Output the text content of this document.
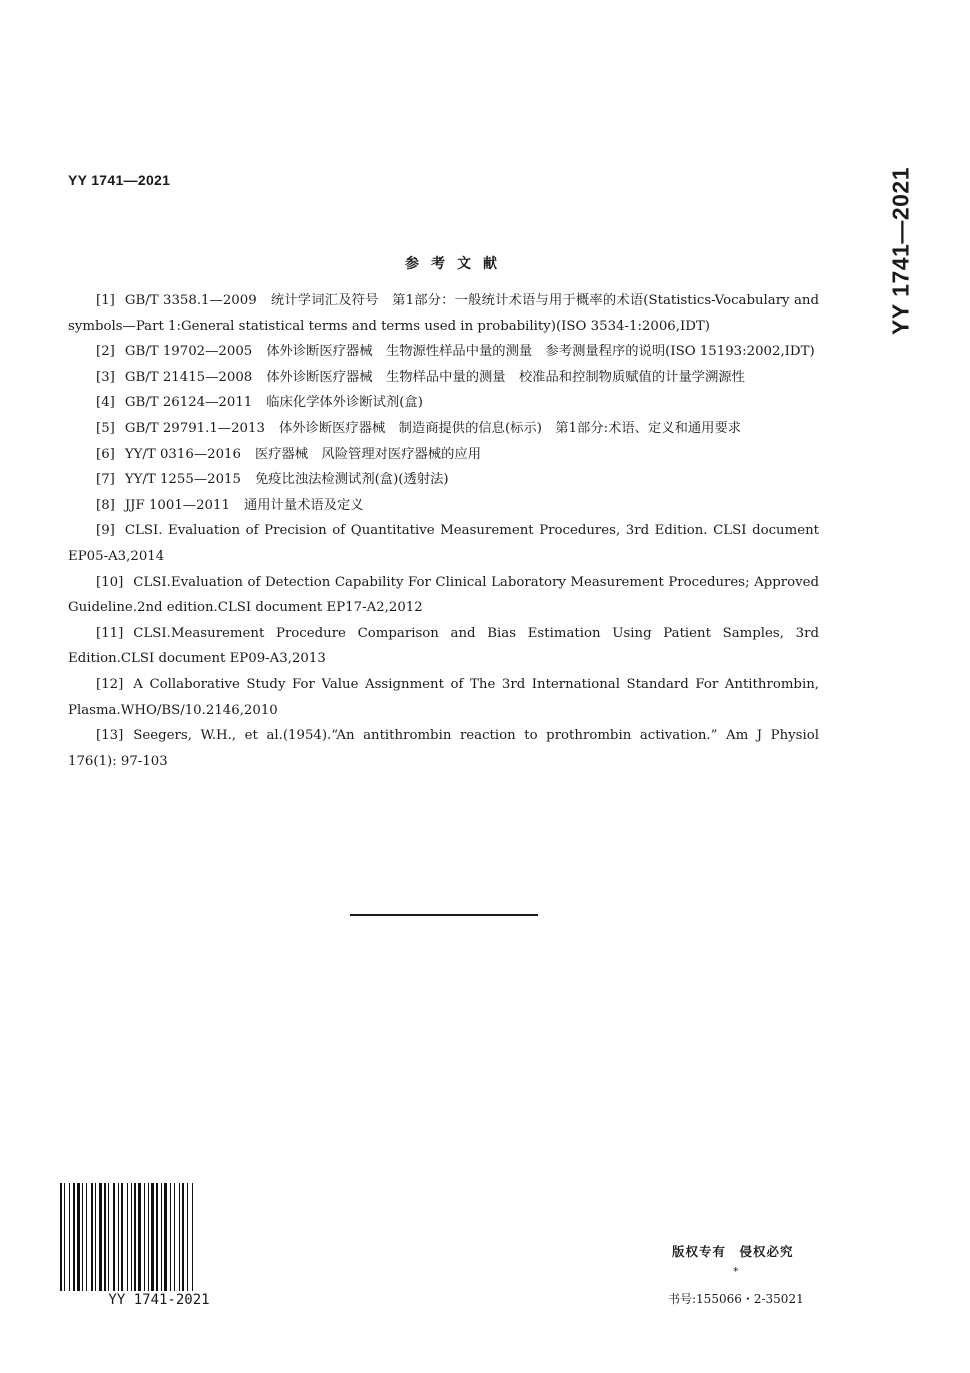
YY 1741—2021	YY 1741—2021
参考文献

[1] GB/T 3358.1—2009 统计学词汇及符号　第1部分：一般统计术语与用于概率的术语(Statistics-Vocabulary and symbols—Part 1:General statistical terms and terms used in probability)(ISO 3534-1:2006,IDT)

[2] GB/T 19702—2005 体外诊断医疗器械　生物源性样品中量的测量　参考测量程序的说明(ISO 15193:2002,IDT)

[3] GB/T 21415—2008 体外诊断医疗器械　生物样品中量的测量　校准品和控制物质赋值的计量学溯源性

[4] GB/T 26124—2011 临床化学体外诊断试剂(盒)

[5] GB/T 29791.1—2013 体外诊断医疗器械　制造商提供的信息(标示)　第1部分:术语、定义和通用要求

[6] YY/T 0316—2016 医疗器械　风险管理对医疗器械的应用

[7] YY/T 1255—2015 免疫比浊法检测试剂(盒)(透射法)

[8] JJF 1001—2011 通用计量术语及定义

[9] CLSI. Evaluation of Precision of Quantitative Measurement Procedures, 3rd Edition. CLSI document EP05-A3,2014

[10] CLSI.Evaluation of Detection Capability For Clinical Laboratory Measurement Procedures; Approved Guideline.2nd edition.CLSI document EP17-A2,2012

[11] CLSI.Measurement Procedure Comparison and Bias Estimation Using Patient Samples, 3rd Edition.CLSI document EP09-A3,2013

[12] A Collaborative Study For Value Assignment of The 3rd International Standard For Antithrombin, Plasma.WHO/BS/10.2146,2010

[13] Seegers, W.H., et al.(1954).“An antithrombin reaction to prothrombin activation.” Am J Physiol 176(1): 97-103

YY 1741-2021
版权专有　侵权必究
*
书号:155066・2-35021
